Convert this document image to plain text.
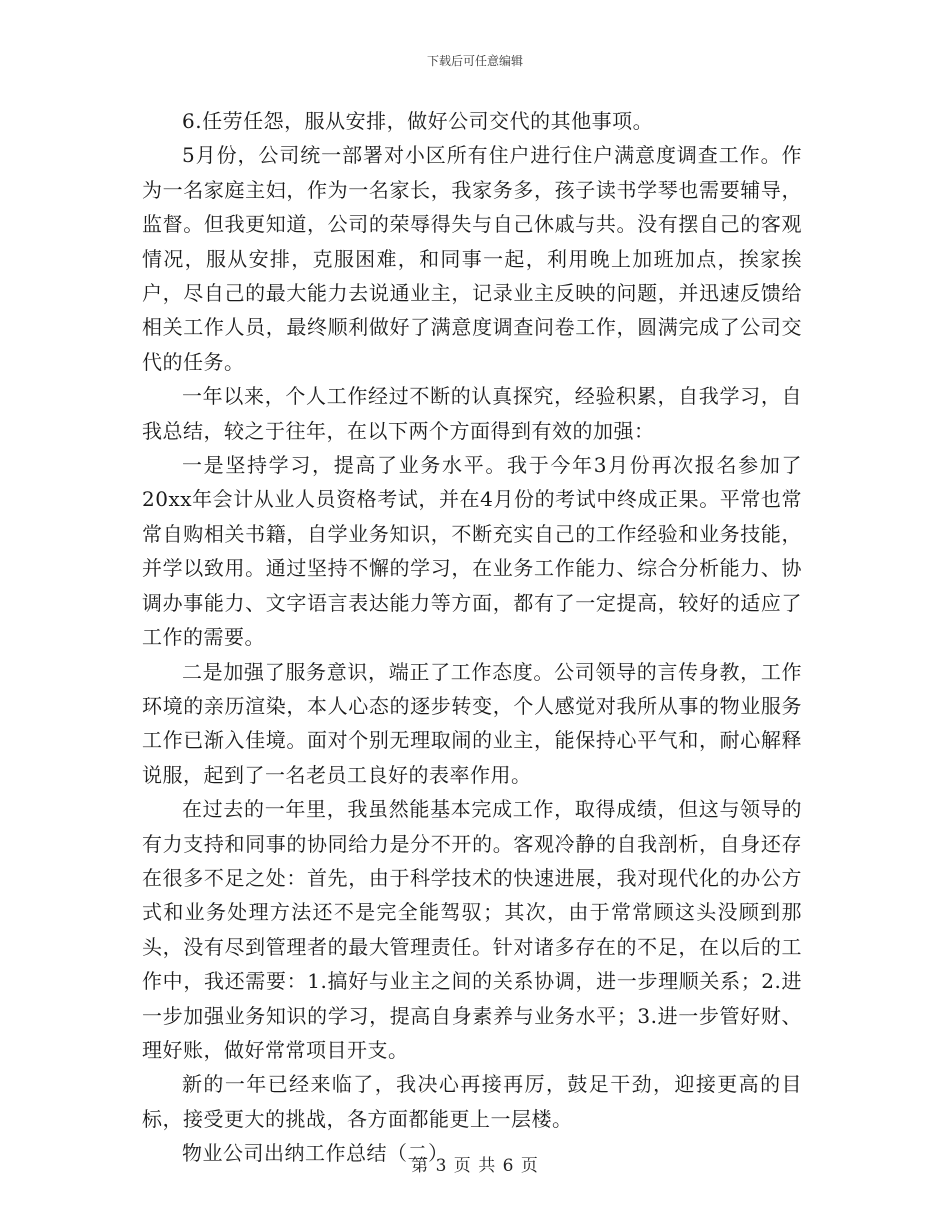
下载后可任意编辑

6.任劳任怨，服从安排，做好公司交代的其他事项。

5月份，公司统一部署对小区所有住户进行住户满意度调查工作。作为一名家庭主妇，作为一名家长，我家务多，孩子读书学琴也需要辅导，监督。但我更知道，公司的荣辱得失与自己休戚与共。没有摆自己的客观情况，服从安排，克服困难，和同事一起，利用晚上加班加点，挨家挨户，尽自己的最大能力去说通业主，记录业主反映的问题，并迅速反馈给相关工作人员，最终顺利做好了满意度调查问卷工作，圆满完成了公司交代的任务。

一年以来，个人工作经过不断的认真探究，经验积累，自我学习，自我总结，较之于往年，在以下两个方面得到有效的加强：

一是坚持学习，提高了业务水平。我于今年3月份再次报名参加了20xx年会计从业人员资格考试，并在4月份的考试中终成正果。平常也常常自购相关书籍，自学业务知识，不断充实自己的工作经验和业务技能，并学以致用。通过坚持不懈的学习，在业务工作能力、综合分析能力、协调办事能力、文字语言表达能力等方面，都有了一定提高，较好的适应了工作的需要。

二是加强了服务意识，端正了工作态度。公司领导的言传身教，工作环境的亲历渲染，本人心态的逐步转变，个人感觉对我所从事的物业服务工作已渐入佳境。面对个别无理取闹的业主，能保持心平气和，耐心解释说服，起到了一名老员工良好的表率作用。

在过去的一年里，我虽然能基本完成工作，取得成绩，但这与领导的有力支持和同事的协同给力是分不开的。客观冷静的自我剖析，自身还存在很多不足之处：首先，由于科学技术的快速进展，我对现代化的办公方式和业务处理方法还不是完全能驾驭；其次，由于常常顾这头没顾到那头，没有尽到管理者的最大管理责任。针对诸多存在的不足，在以后的工作中，我还需要：1.搞好与业主之间的关系协调，进一步理顺关系；2.进一步加强业务知识的学习，提高自身素养与业务水平；3.进一步管好财、理好账，做好常常项目开支。

新的一年已经来临了，我决心再接再厉，鼓足干劲，迎接更高的目标，接受更大的挑战，各方面都能更上一层楼。

物业公司出纳工作总结（二）

第 3 页 共 6 页
